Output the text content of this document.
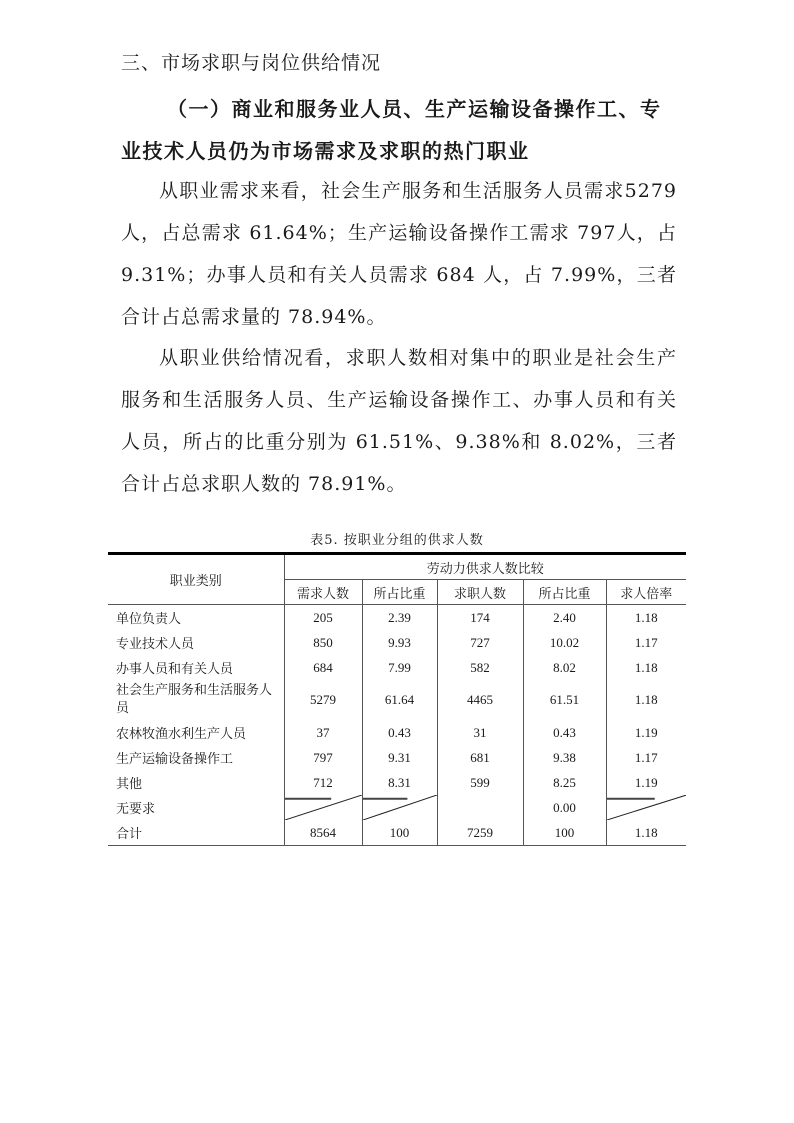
三、市场求职与岗位供给情况
（一）商业和服务业人员、生产运输设备操作工、专业技术人员仍为市场需求及求职的热门职业

从职业需求来看，社会生产服务和生活服务人员需求5279 人，占总需求 61.64%；生产运输设备操作工需求 797人，占 9.31%；办事人员和有关人员需求 684 人，占 7.99%，三者合计占总需求量的 78.94%。

从职业供给情况看，求职人数相对集中的职业是社会生产服务和生活服务人员、生产运输设备操作工、办事人员和有关人员，所占的比重分别为 61.51%、9.38%和 8.02%，三者合计占总求职人数的 78.91%。

表5. 按职业分组的供求人数
职业类别	劳动力供求人数比较				
	需求人数	所占比重	求职人数	所占比重	求人倍率
单位负责人	205	2.39	174	2.40	1.18
专业技术人员	850	9.93	727	10.02	1.17
办事人员和有关人员	684	7.99	582	8.02	1.18
社会生产服务和生活服务人员	5279	61.64	4465	61.51	1.18
农林牧渔水利生产人员	37	0.43	31	0.43	1.19
生产运输设备操作工	797	9.31	681	9.38	1.17
其他	712	8.31	599	8.25	1.19
无要求				0.00	

合计	8564	100	7259	100	1.18
